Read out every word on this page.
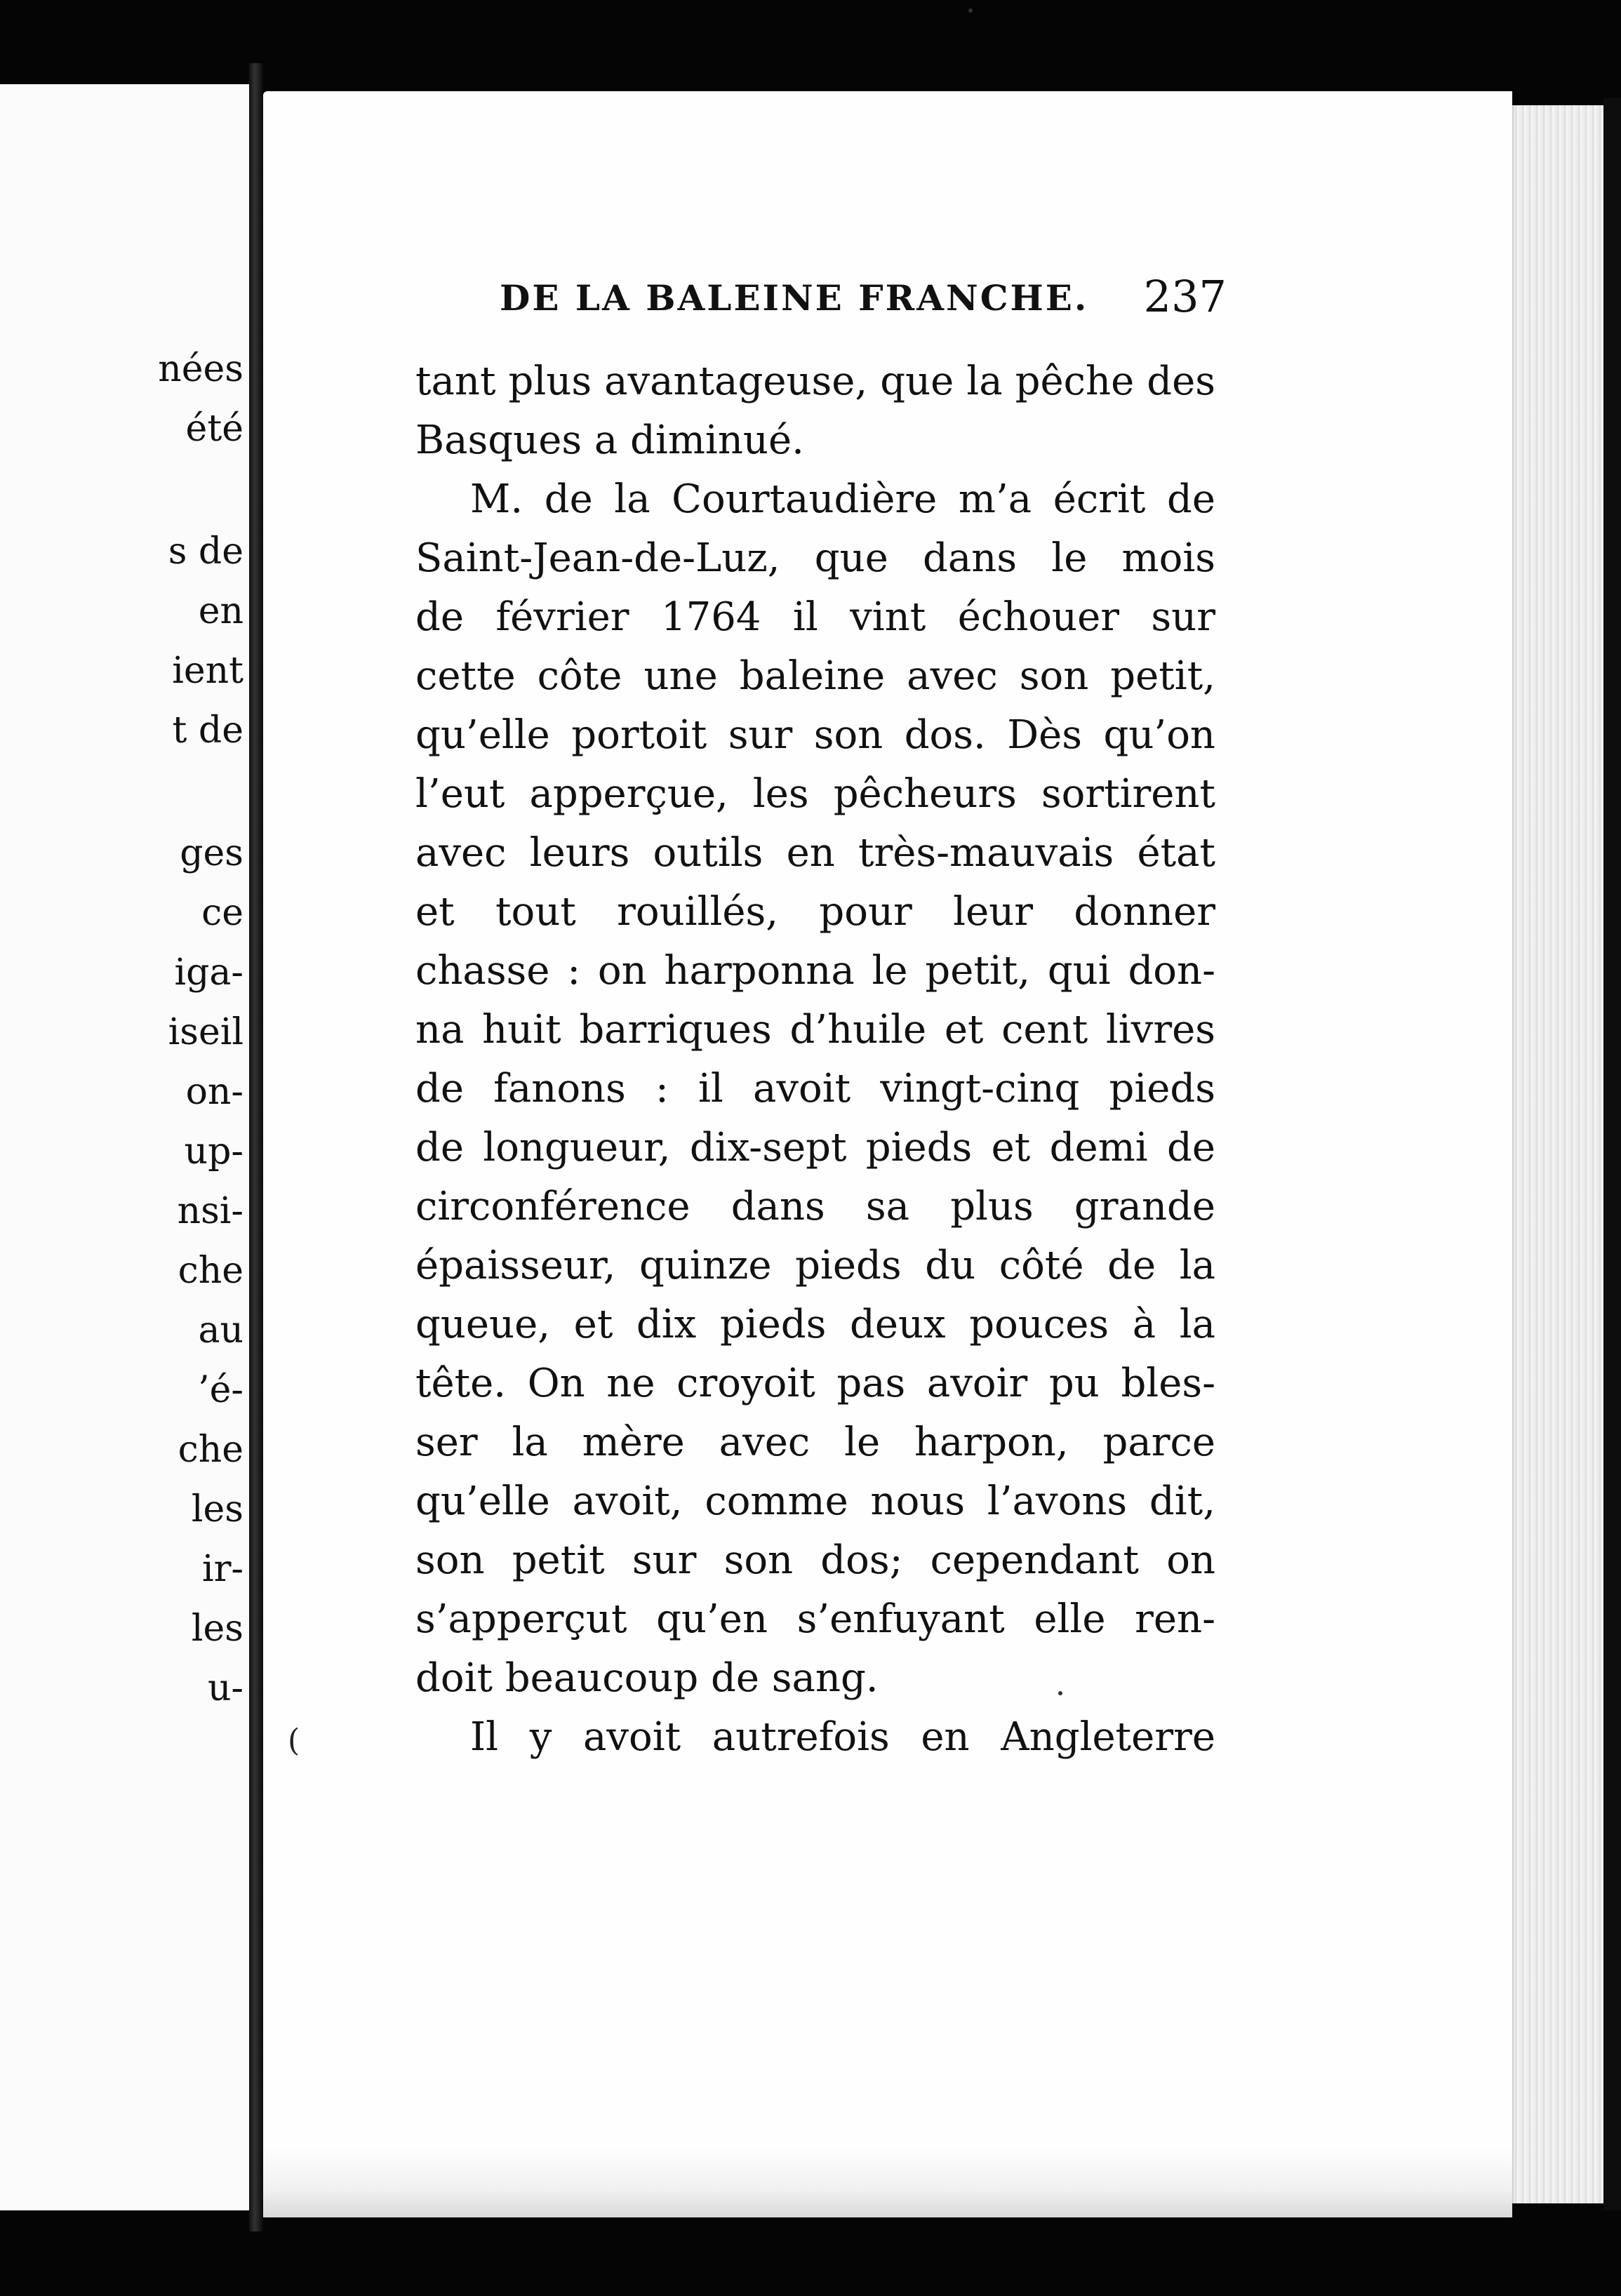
nées
été
s de
en
ient
t de
ges
ce
iga-
iseil
on-
up-
nsi-
che
au
’é-
che
les
ir-
les
u-
DE LA BALEINE FRANCHE. 237
tant plus avantageuse, que la pêche des
Basques a diminué.
M. de la Courtaudière m’a écrit de
Saint-Jean-de-Luz, que dans le mois
de février 1764 il vint échouer sur
cette côte une baleine avec son petit,
qu’elle portoit sur son dos. Dès qu’on
l’eut apperçue, les pêcheurs sortirent
avec leurs outils en très-mauvais état
et tout rouillés, pour leur donner
chasse : on harponna le petit, qui don-
na huit barriques d’huile et cent livres
de fanons : il avoit vingt-cinq pieds
de longueur, dix-sept pieds et demi de
circonférence dans sa plus grande
épaisseur, quinze pieds du côté de la
queue, et dix pieds deux pouces à la
tête. On ne croyoit pas avoir pu bles-
ser la mère avec le harpon, parce
qu’elle avoit, comme nous l’avons dit,
son petit sur son dos; cependant on
s’apperçut qu’en s’enfuyant elle ren-
doit beaucoup de sang.
Il y avoit autrefois en Angleterre
(
